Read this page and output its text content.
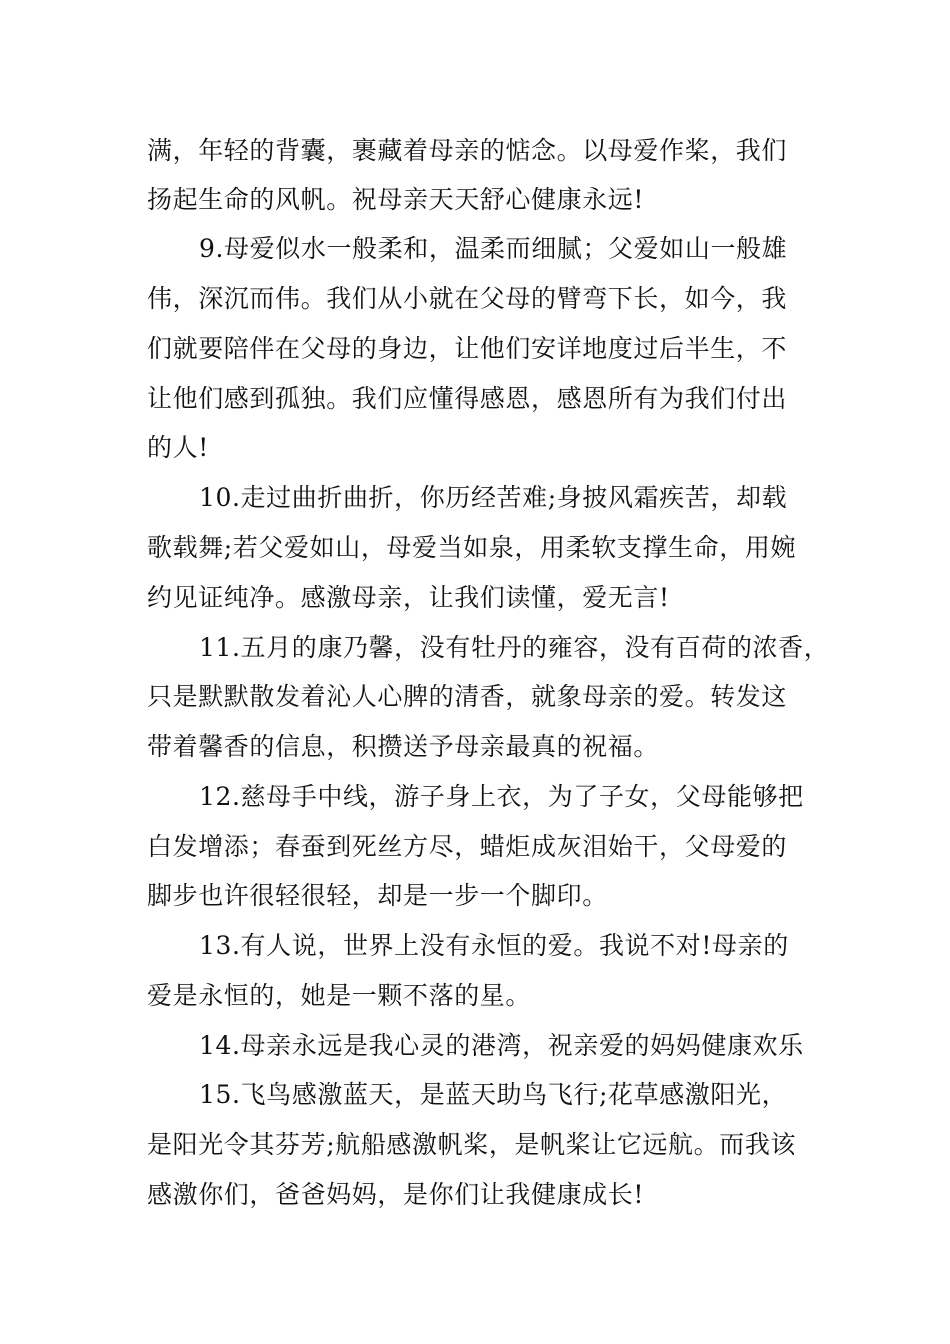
满，年轻的背囊，裹藏着母亲的惦念。以母爱作桨，我们
扬起生命的风帆。祝母亲天天舒心健康永远!
9.母爱似水一般柔和，温柔而细腻；父爱如山一般雄
伟，深沉而伟。我们从小就在父母的臂弯下长，如今，我
们就要陪伴在父母的身边，让他们安详地度过后半生，不
让他们感到孤独。我们应懂得感恩，感恩所有为我们付出
的人!
10.走过曲折曲折，你历经苦难;身披风霜疾苦，却载
歌载舞;若父爱如山，母爱当如泉，用柔软支撑生命，用婉
约见证纯净。感激母亲，让我们读懂，爱无言!
11.五月的康乃馨，没有牡丹的雍容，没有百荷的浓香，
只是默默散发着沁人心脾的清香，就象母亲的爱。转发这
带着馨香的信息，积攒送予母亲最真的祝福。
12.慈母手中线，游子身上衣，为了子女，父母能够把
白发增添；春蚕到死丝方尽，蜡炬成灰泪始干，父母爱的
脚步也许很轻很轻，却是一步一个脚印。
13.有人说，世界上没有永恒的爱。我说不对!母亲的
爱是永恒的，她是一颗不落的星。
14.母亲永远是我心灵的港湾，祝亲爱的妈妈健康欢乐
15.飞鸟感激蓝天，是蓝天助鸟飞行;花草感激阳光，
是阳光令其芬芳;航船感激帆桨，是帆桨让它远航。而我该
感激你们，爸爸妈妈，是你们让我健康成长!
